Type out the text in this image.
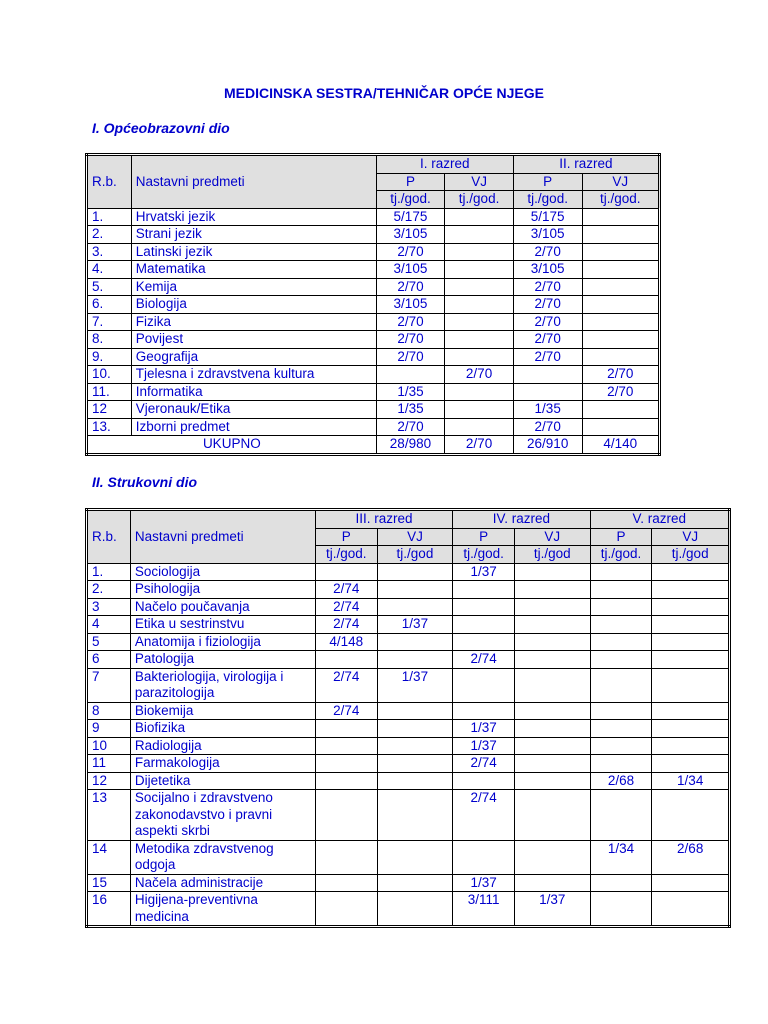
MEDICINSKA SESTRA/TEHNIČAR OPĆE NJEGE
I. Općeobrazovni dio
R.b.	Nastavni predmeti	I. razred		II. razred	
		P	VJ	P	VJ
		tj./god.	tj./god.	tj./god.	tj./god.
1.	Hrvatski jezik	5/175		5/175	
2.	Strani jezik	3/105		3/105	
3.	Latinski jezik	2/70		2/70	
4.	Matematika	3/105		3/105	
5.	Kemija	2/70		2/70	
6.	Biologija	3/105		2/70	
7.	Fizika	2/70		2/70	
8.	Povijest	2/70		2/70	
9.	Geografija	2/70		2/70	
10.	Tjelesna i zdravstvena kultura		2/70		2/70
11.	Informatika	1/35			2/70
12	Vjeronauk/Etika	1/35		1/35	
13.	Izborni predmet	2/70		2/70	
UKUPNO		28/980	2/70	26/910	4/140
II. Strukovni dio
R.b.	Nastavni predmeti	III. razred		IV. razred		V. razred	
		P	VJ	P	VJ	P	VJ
		tj./god.	tj./god	tj./god.	tj./god	tj./god.	tj./god
1.	Sociologija			1/37			
2.	Psihologija	2/74					
3	Načelo poučavanja	2/74					
4	Etika u sestrinstvu	2/74	1/37				
5	Anatomija i fiziologija	4/148					
6	Patologija			2/74			
7	Bakteriologija, virologija i parazitologija	2/74	1/37				
8	Biokemija	2/74					
9	Biofizika			1/37			
10	Radiologija			1/37			
11	Farmakologija			2/74			
12	Dijetetika					2/68	1/34
13	Socijalno i zdravstveno zakonodavstvo i pravni aspekti skrbi			2/74			
14	Metodika zdravstvenog odgoja					1/34	2/68
15	Načela administracije			1/37			
16	Higijena-preventivna medicina			3/111	1/37		
